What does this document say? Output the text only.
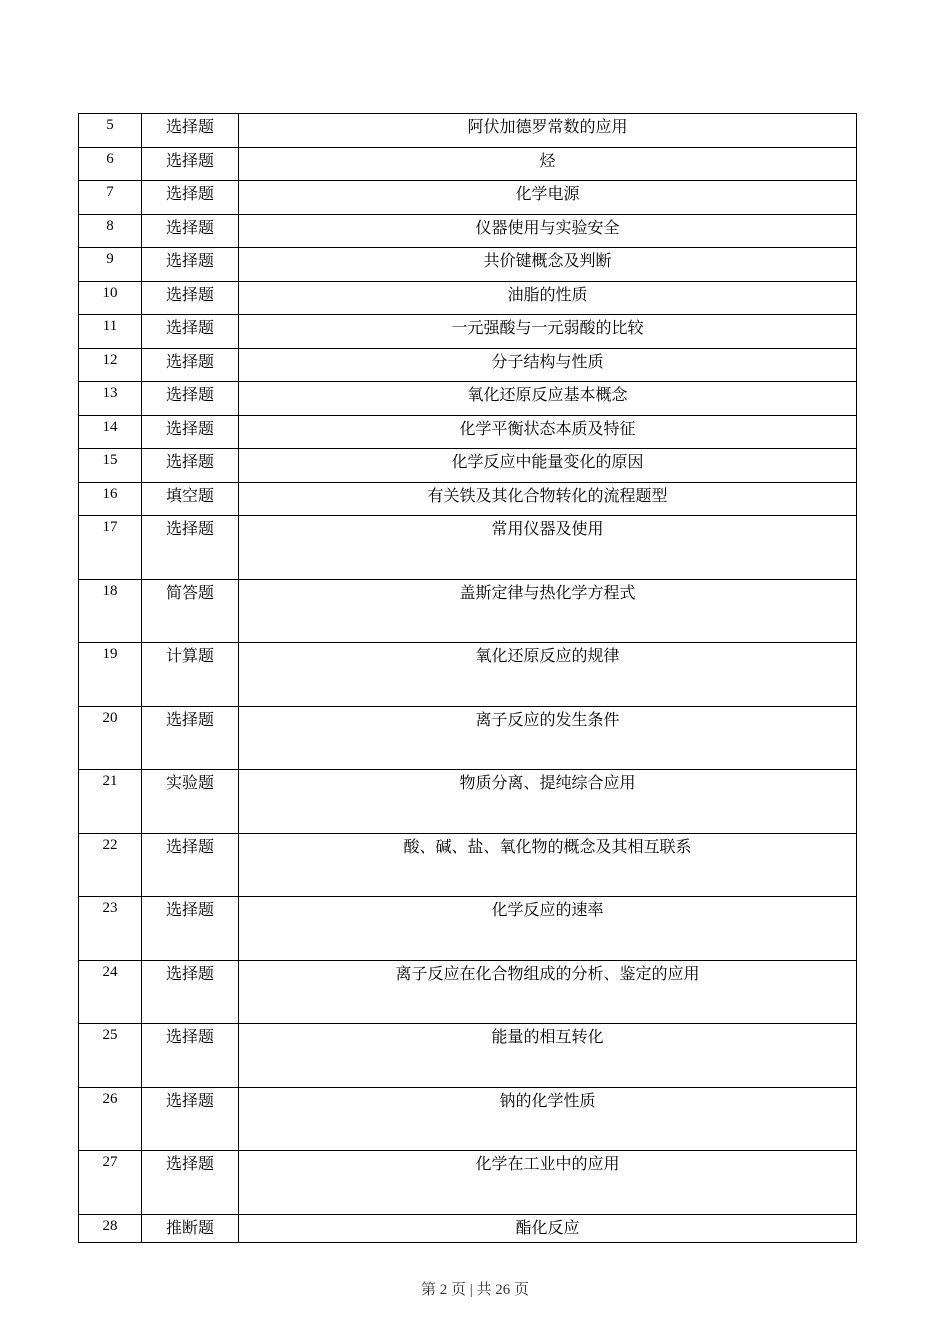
5	选择题	阿伏加德罗常数的应用
6	选择题	烃
7	选择题	化学电源
8	选择题	仪器使用与实验安全
9	选择题	共价键概念及判断
10	选择题	油脂的性质
11	选择题	一元强酸与一元弱酸的比较
12	选择题	分子结构与性质
13	选择题	氧化还原反应基本概念
14	选择题	化学平衡状态本质及特征
15	选择题	化学反应中能量变化的原因
16	填空题	有关铁及其化合物转化的流程题型
17	选择题	常用仪器及使用
18	简答题	盖斯定律与热化学方程式
19	计算题	氧化还原反应的规律
20	选择题	离子反应的发生条件
21	实验题	物质分离、提纯综合应用
22	选择题	酸、碱、盐、氧化物的概念及其相互联系
23	选择题	化学反应的速率
24	选择题	离子反应在化合物组成的分析、鉴定的应用
25	选择题	能量的相互转化
26	选择题	钠的化学性质
27	选择题	化学在工业中的应用
28	推断题	酯化反应
第 2 页 | 共 26 页
